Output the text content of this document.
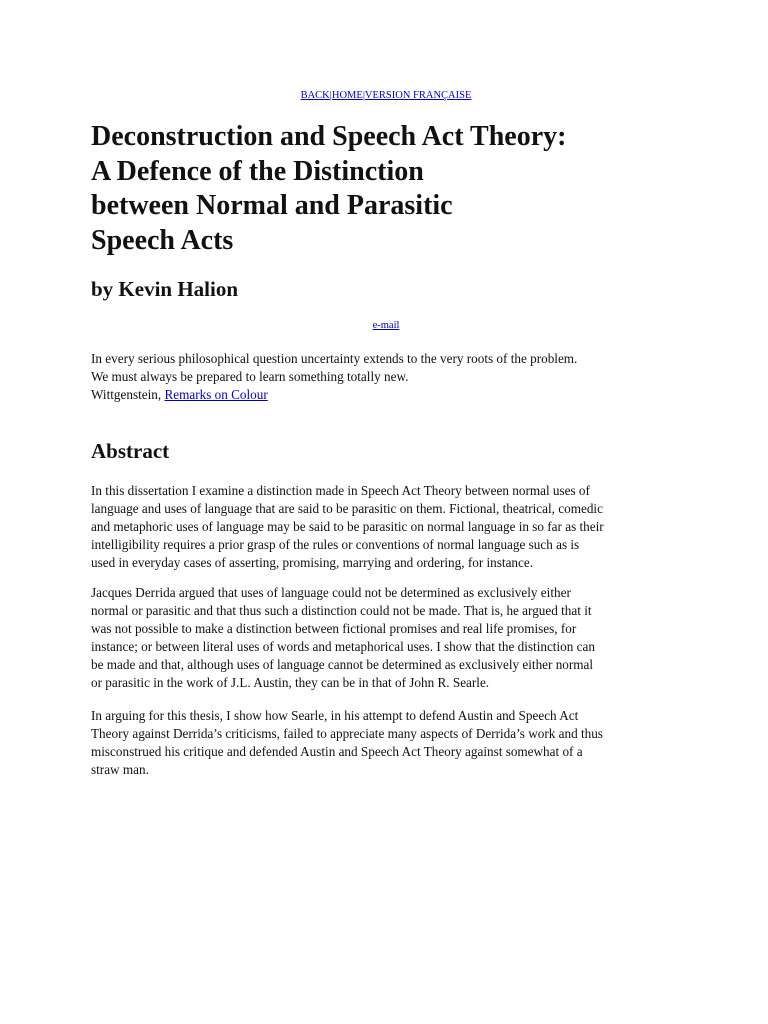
BACK|HOME|VERSION FRANÇAISE
Deconstruction and Speech Act Theory:
A Defence of the Distinction
between Normal and Parasitic
Speech Acts
by Kevin Halion
e-mail
In every serious philosophical question uncertainty extends to the very roots of the problem.
We must always be prepared to learn something totally new.
Wittgenstein, Remarks on Colour
Abstract

In this dissertation I examine a distinction made in Speech Act Theory between normal uses of
language and uses of language that are said to be parasitic on them. Fictional, theatrical, comedic
and metaphoric uses of language may be said to be parasitic on normal language in so far as their
intelligibility requires a prior grasp of the rules or conventions of normal language such as is
used in everyday cases of asserting, promising, marrying and ordering, for instance.

Jacques Derrida argued that uses of language could not be determined as exclusively either
normal or parasitic and that thus such a distinction could not be made. That is, he argued that it
was not possible to make a distinction between fictional promises and real life promises, for
instance; or between literal uses of words and metaphorical uses. I show that the distinction can
be made and that, although uses of language cannot be determined as exclusively either normal
or parasitic in the work of J.L. Austin, they can be in that of John R. Searle.

In arguing for this thesis, I show how Searle, in his attempt to defend Austin and Speech Act
Theory against Derrida’s criticisms, failed to appreciate many aspects of Derrida’s work and thus
misconstrued his critique and defended Austin and Speech Act Theory against somewhat of a
straw man.
